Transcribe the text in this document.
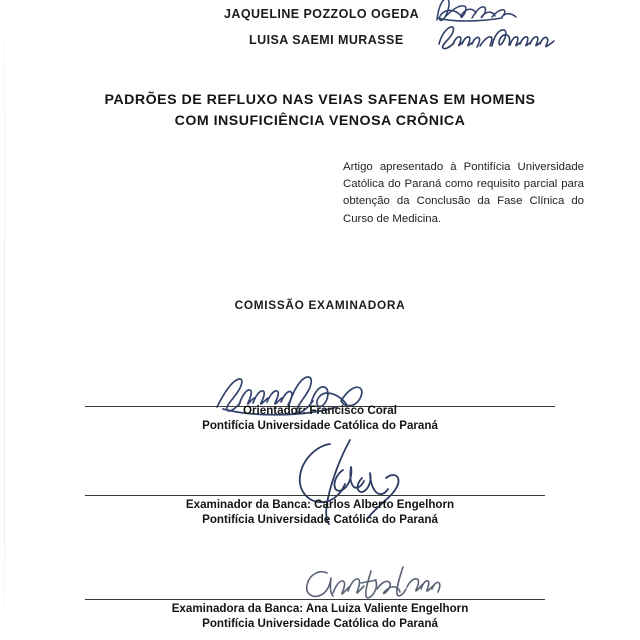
JAQUELINE POZZOLO OGEDA
LUISA SAEMI MURASSE
PADRÕES DE REFLUXO NAS VEIAS SAFENAS EM HOMENS
COM INSUFICIÊNCIA VENOSA CRÔNICA
Artigo apresentado à Pontifícia Universidade Católica do Paraná como requisito parcial para obtenção da Conclusão da Fase Clínica do Curso de Medicina.
COMISSÃO EXAMINADORA
Orientador: Francisco Coral
Pontifícia Universidade Católica do Paraná
Examinador da Banca: Carlos Alberto Engelhorn
Pontifícia Universidade Católica do Paraná
Examinadora da Banca: Ana Luiza Valiente Engelhorn
Pontifícia Universidade Católica do Paraná
